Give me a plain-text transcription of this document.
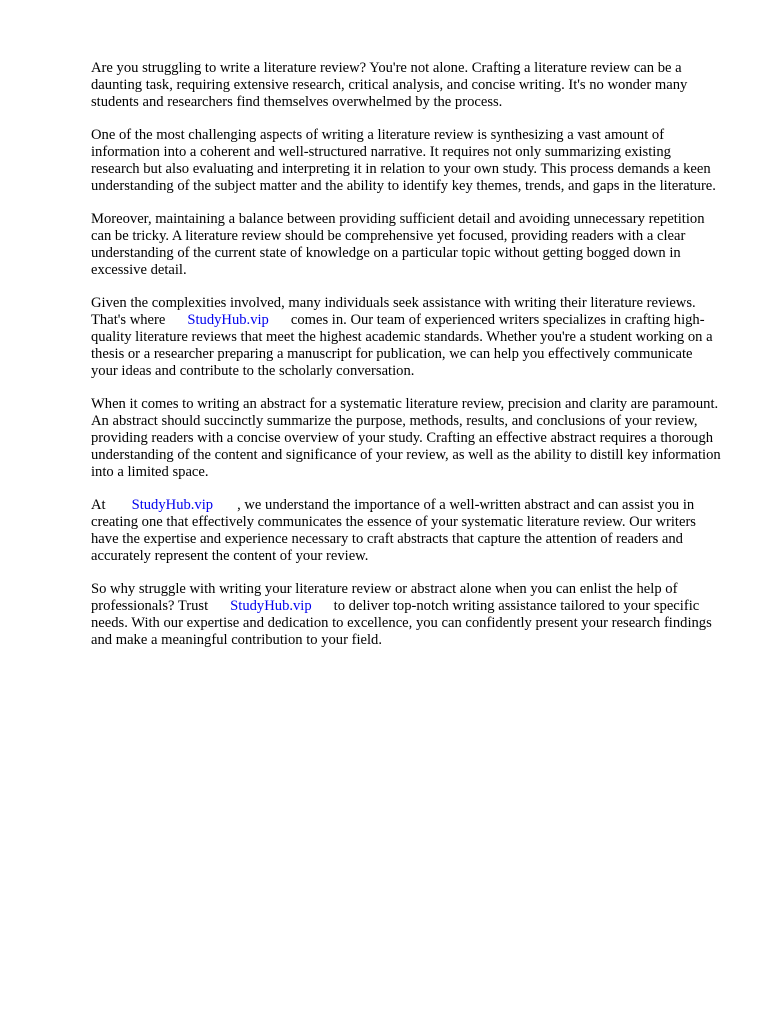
Are you struggling to write a literature review? You're not alone. Crafting a literature review can be a daunting task, requiring extensive research, critical analysis, and concise writing. It's no wonder many students and researchers find themselves overwhelmed by the process.

One of the most challenging aspects of writing a literature review is synthesizing a vast amount of information into a coherent and well-structured narrative. It requires not only summarizing existing research but also evaluating and interpreting it in relation to your own study. This process demands a keen understanding of the subject matter and the ability to identify key themes, trends, and gaps in the literature.

Moreover, maintaining a balance between providing sufficient detail and avoiding unnecessary repetition can be tricky. A literature review should be comprehensive yet focused, providing readers with a clear understanding of the current state of knowledge on a particular topic without getting bogged down in excessive detail.

Given the complexities involved, many individuals seek assistance with writing their literature reviews. That's where StudyHub.vip comes in. Our team of experienced writers specializes in crafting high-quality literature reviews that meet the highest academic standards. Whether you're a student working on a thesis or a researcher preparing a manuscript for publication, we can help you effectively communicate your ideas and contribute to the scholarly conversation.

When it comes to writing an abstract for a systematic literature review, precision and clarity are paramount. An abstract should succinctly summarize the purpose, methods, results, and conclusions of your review, providing readers with a concise overview of your study. Crafting an effective abstract requires a thorough understanding of the content and significance of your review, as well as the ability to distill key information into a limited space.

At StudyHub.vip , we understand the importance of a well-written abstract and can assist you in creating one that effectively communicates the essence of your systematic literature review. Our writers have the expertise and experience necessary to craft abstracts that capture the attention of readers and accurately represent the content of your review.

So why struggle with writing your literature review or abstract alone when you can enlist the help of professionals? Trust StudyHub.vip to deliver top-notch writing assistance tailored to your specific needs. With our expertise and dedication to excellence, you can confidently present your research findings and make a meaningful contribution to your field.
